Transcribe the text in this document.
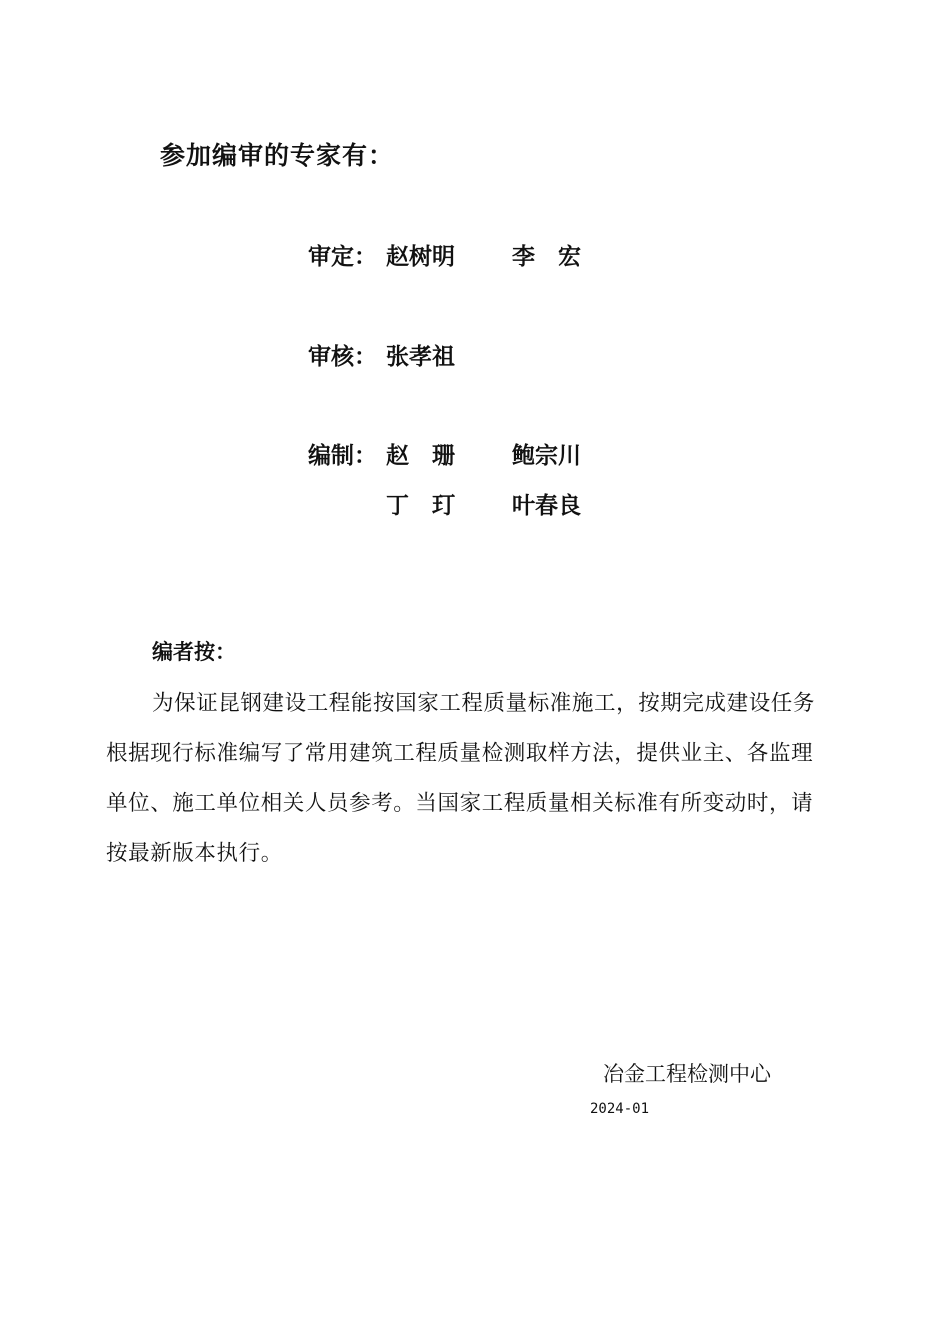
参加编审的专家有：
审定： 赵树明 李　宏
审核： 张孝祖
编制： 赵　珊 鲍宗川
丁　玎 叶春良
编者按：
为保证昆钢建设工程能按国家工程质量标准施工，按期完成建设任务
根据现行标准编写了常用建筑工程质量检测取样方法，提供业主、各监理
单位、施工单位相关人员参考。当国家工程质量相关标准有所变动时，请
按最新版本执行。
冶金工程检测中心
2024-01
